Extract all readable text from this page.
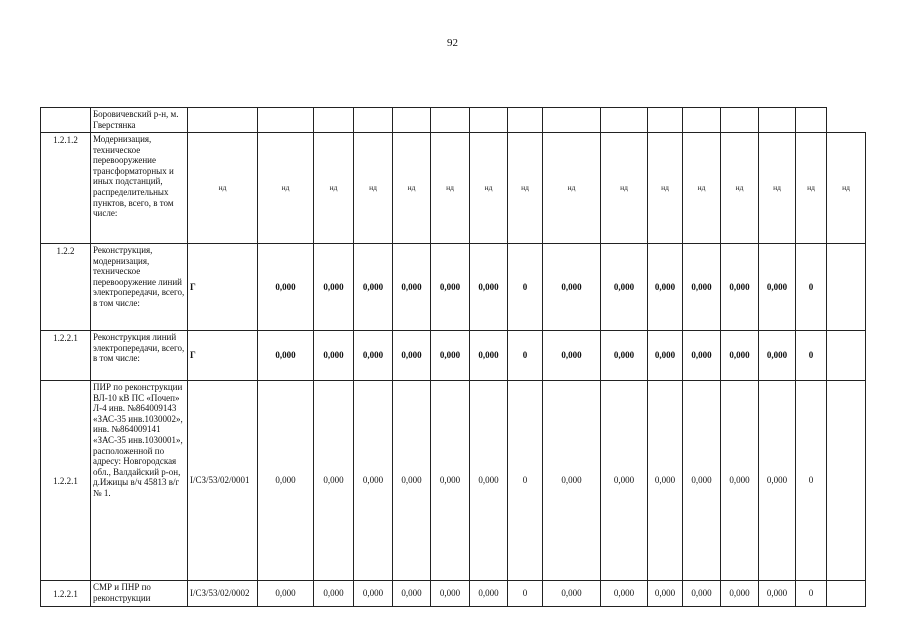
92
	Боровичевский р-н, м. Гверстянка																
1.2.1.2	Модернизация, техническое перевооружение трансформаторных и иных подстанций, распределительных пунктов, всего, в том числе:	нд	нд	нд	нд	нд	нд	нд	нд	нд	нд	нд	нд	нд	нд	нд	нд
1.2.2	Реконструкция, модернизация, техническое перевооружение линий электропередачи, всего, в том числе:	Г	0,000	0,000	0,000	0,000	0,000	0,000	0	0,000	0,000	0,000	0,000	0,000	0,000	0	
1.2.2.1	Реконструкция линий электропередачи, всего, в том числе:	Г	0,000	0,000	0,000	0,000	0,000	0,000	0	0,000	0,000	0,000	0,000	0,000	0,000	0	
1.2.2.1	ПИР по реконструкции ВЛ-10 кВ ПС «Почеп» Л-4 инв. №864009143 «ЗАС-35 инв.1030002», инв. №864009141 «ЗАС-35 инв.1030001», расположенной по адресу: Новгородская обл., Валдайский р-он, д.Ижицы в/ч 45813 в/г № 1.	I/СЗ/53/02/0001	0,000	0,000	0,000	0,000	0,000	0,000	0	0,000	0,000	0,000	0,000	0,000	0,000	0	
1.2.2.1	СМР и ПНР по реконструкции	I/СЗ/53/02/0002	0,000	0,000	0,000	0,000	0,000	0,000	0	0,000	0,000	0,000	0,000	0,000	0,000	0	
